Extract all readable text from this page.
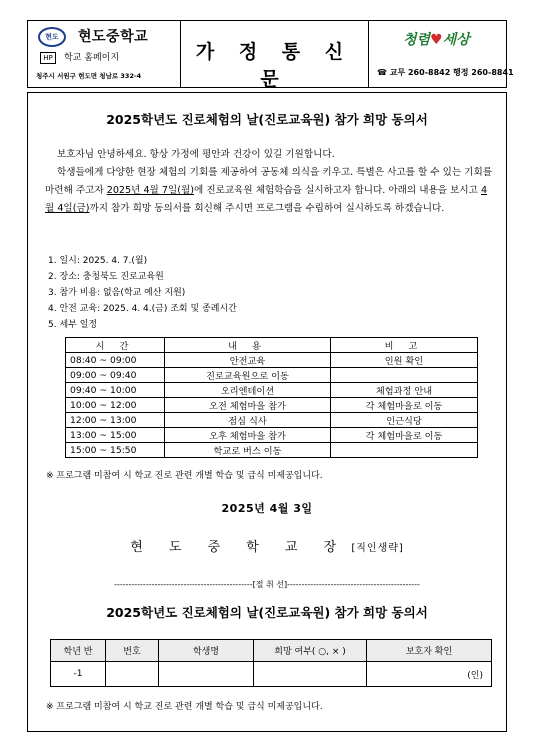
현도	현도중학교
HP	학교 홈페이지
청주시 서원구 현도면 청남로 332-4
가 정 통 신 문
청렴♥세상
☎ 교무 260-8842 행정 260-8841
2025학년도 진로체험의 날(진로교육원) 참가 희망 동의서
보호자님 안녕하세요. 항상 가정에 평안과 건강이 있길 기원합니다.
학생들에게 다양한 현장 체험의 기회를 제공하여 공동체 의식을 키우고. 특별은 사고를 할 수 있는 기회를 마련해 주고자 2025년 4월 7일(월)에 진로교육원 체험학습을 실시하고자 합니다. 아래의 내용을 보시고 4월 4일(금)까지 참가 희망 동의서를 회신해 주시면 프로그램을 수립하여 실시하도록 하겠습니다.
1. 일시: 2025. 4. 7.(월)
2. 장소: 충청북도 진로교육원
3. 참가 비용: 없음(학교 예산 지원)
4. 안전 교육: 2025. 4. 4.(금) 조회 및 종례시간
5. 세부 일정
시 간	내 용	비 고
08:40 ~ 09:00	안전교육	인원 확인
09:00 ~ 09:40	진로교육원으로 이동	
09:40 ~ 10:00	오리엔테이션	체험과정 안내
10:00 ~ 12:00	오전 체험마을 참가	각 체험마을로 이동
12:00 ~ 13:00	점심 식사	인근식당
13:00 ~ 15:00	오후 체험마을 참가	각 체험마을로 이동
15:00 ~ 15:50	학교로 버스 이동	
※ 프로그램 미참여 시 학교 진로 관련 개별 학습 및 급식 미제공입니다.
2025년 4월 3일
현 도 중 학 교 장 [직인생략]
------------------------------------------------[절 취 선]----------------------------------------------
2025학년도 진로체험의 날(진로교육원) 참가 희망 동의서
학년 반	번호	학생명	희망 여부( ○, × )	보호자 확인
-1				(인)
※ 프로그램 미참여 시 학교 진로 관련 개별 학습 및 급식 미제공입니다.
